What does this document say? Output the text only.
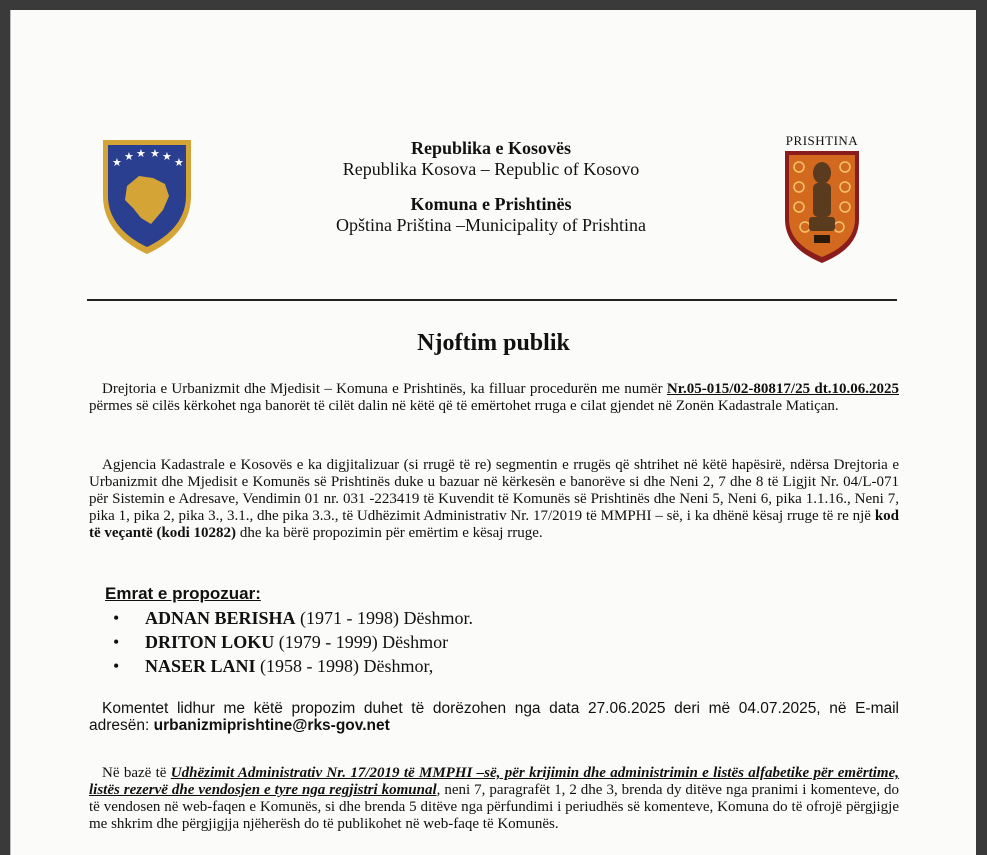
★ ★ ★ ★ ★ ★
Republika e Kosovës
Republika Kosova – Republic of Kosovo
Komuna e Prishtinës
Opština Priština –Municipality of Prishtina
PRISHTINA
Njoftim publik
Drejtoria e Urbanizmit dhe Mjedisit – Komuna e Prishtinës, ka filluar procedurën me numër Nr.05-015/02-80817/25 dt.10.06.2025 përmes së cilës kërkohet nga banorët të cilët dalin në këtë që të emërtohet rruga e cilat gjendet në Zonën Kadastrale Matiçan.
Agjencia Kadastrale e Kosovës e ka digjitalizuar (si rrugë të re) segmentin e rrugës që shtrihet në këtë hapësirë, ndërsa Drejtoria e Urbanizmit dhe Mjedisit e Komunës së Prishtinës duke u bazuar në kërkesën e banorëve si dhe Neni 2, 7 dhe 8 të Ligjit Nr. 04/L-071 për Sistemin e Adresave, Vendimin 01 nr. 031 -223419 të Kuvendit të Komunës së Prishtinës dhe Neni 5, Neni 6, pika 1.1.16., Neni 7, pika 1, pika 2, pika 3., 3.1., dhe pika 3.3., të Udhëzimit Administrativ Nr. 17/2019 të MMPHI – së, i ka dhënë kësaj rruge të re një kod të veçantë (kodi 10282) dhe ka bërë propozimin për emërtim e kësaj rruge.
Emrat e propozuar:
• ADNAN BERISHA (1971 - 1998) Dëshmor.
• DRITON LOKU (1979 - 1999) Dëshmor
• NASER LANI (1958 - 1998) Dëshmor,
Komentet lidhur me këtë propozim duhet të dorëzohen nga data 27.06.2025 deri më 04.07.2025, në E-mail adresën: urbanizmiprishtine@rks-gov.net
Në bazë të Udhëzimit Administrativ Nr. 17/2019 të MMPHI –së, për krijimin dhe administrimin e listës alfabetike për emërtime, listës rezervë dhe vendosjen e tyre nga regjistri komunal, neni 7, paragrafët 1, 2 dhe 3, brenda dy ditëve nga pranimi i komenteve, do të vendosen në web-faqen e Komunës, si dhe brenda 5 ditëve nga përfundimi i periudhës së komenteve, Komuna do të ofrojë përgjigje me shkrim dhe përgjigjja njëherësh do të publikohet në web-faqe të Komunës.
